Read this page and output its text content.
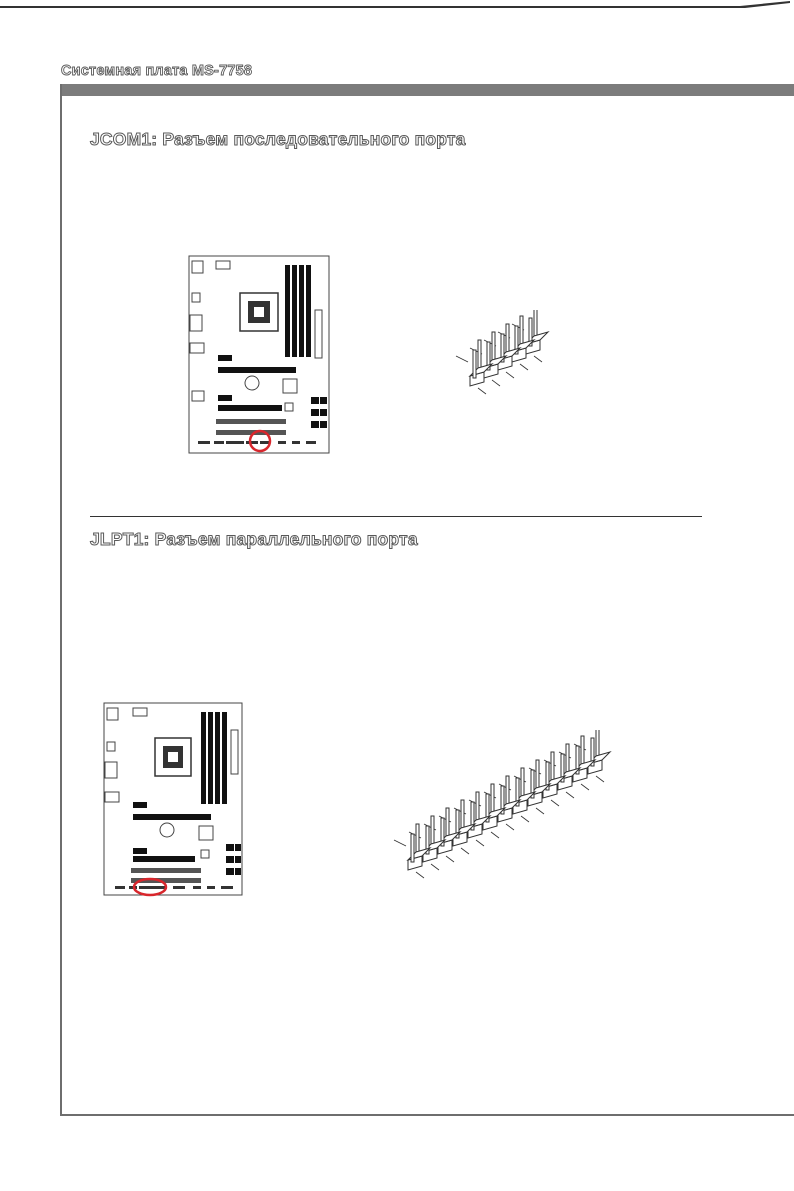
Системная плата MS-7758
JCOM1: Разъем последовательного порта
JLPT1: Разъем параллельного порта
